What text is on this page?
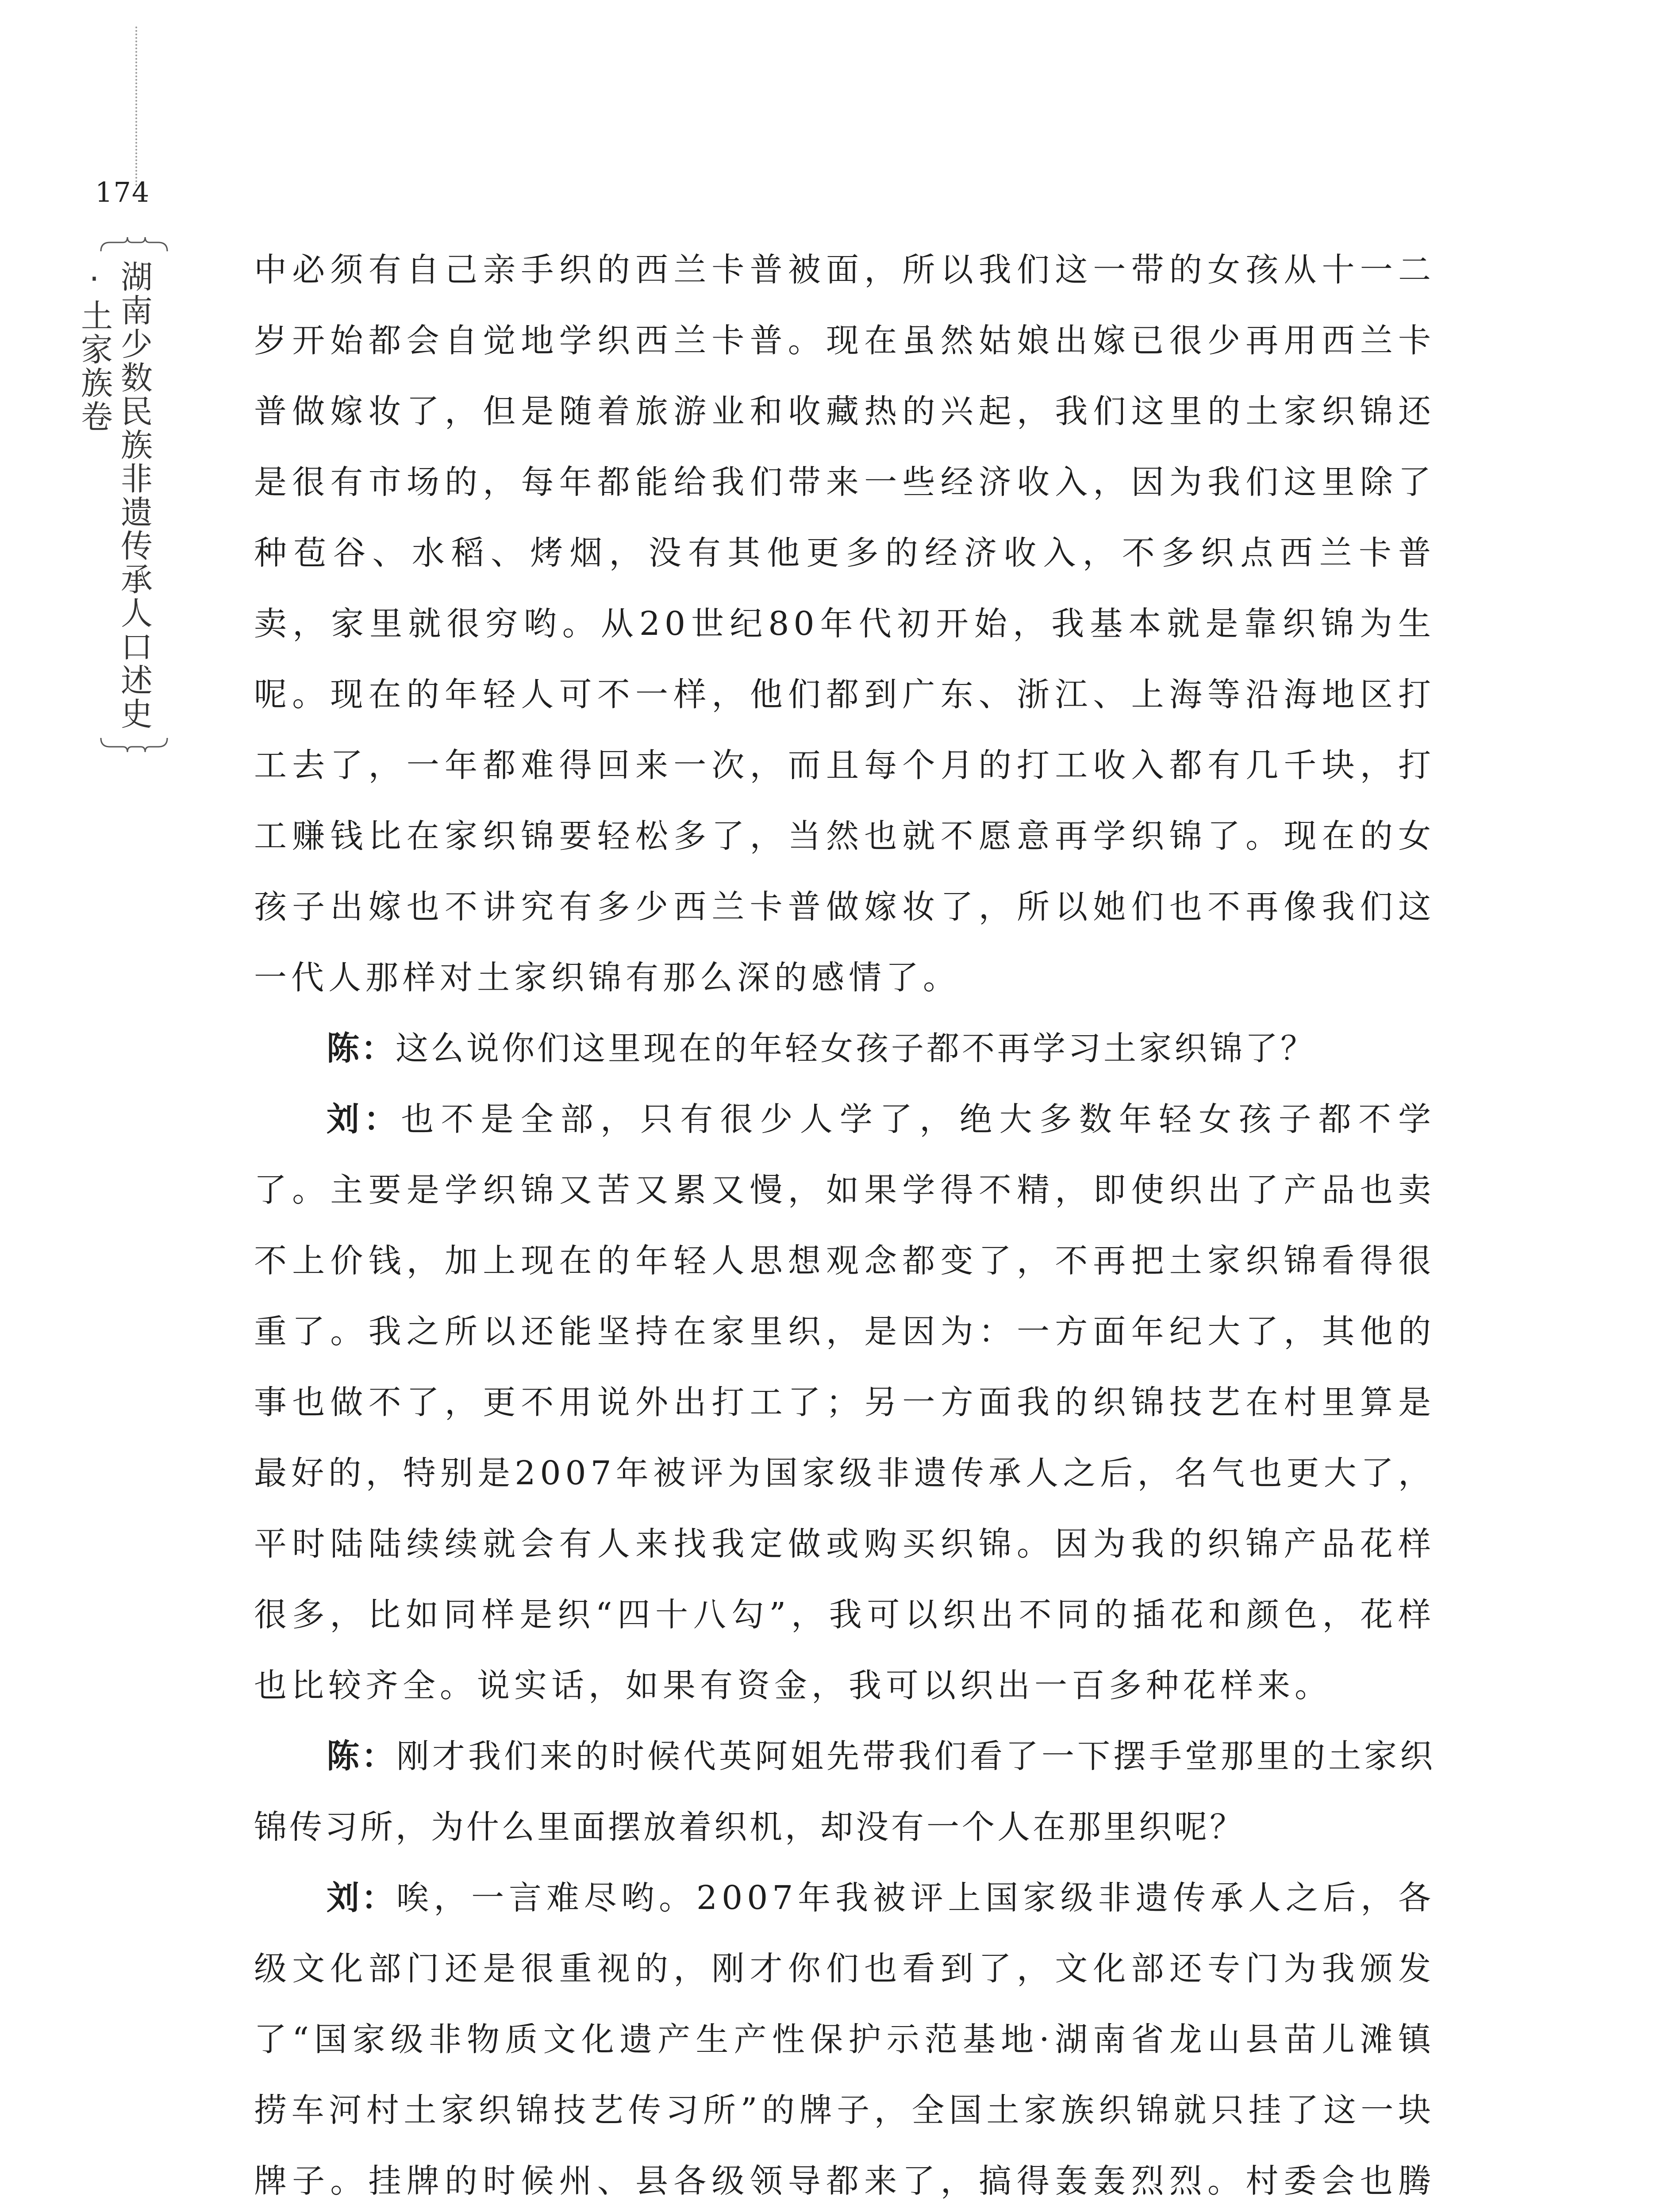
174
湖南少数民族非遗传承人口述史·土家族卷	中必须有自己亲手织的西兰卡普被面，所以我们这一带的女孩从十一二岁开始都会自觉地学织西兰卡普。现在虽然姑娘出嫁已很少再用西兰卡普做嫁妆了，但是随着旅游业和收藏热的兴起，我们这里的土家织锦还是很有市场的，每年都能给我们带来一些经济收入，因为我们这里除了种苞谷、水稻、烤烟，没有其他更多的经济收入，不多织点西兰卡普卖，家里就很穷哟。从20世纪80年代初开始，我基本就是靠织锦为生呢。现在的年轻人可不一样，他们都到广东、浙江、上海等沿海地区打工去了，一年都难得回来一次，而且每个月的打工收入都有几千块，打工赚钱比在家织锦要轻松多了，当然也就不愿意再学织锦了。现在的女孩子出嫁也不讲究有多少西兰卡普做嫁妆了，所以她们也不再像我们这一代人那样对土家织锦有那么深的感情了。

陈：这么说你们这里现在的年轻女孩子都不再学习土家织锦了？

刘：也不是全部，只有很少人学了，绝大多数年轻女孩子都不学了。主要是学织锦又苦又累又慢，如果学得不精，即使织出了产品也卖不上价钱，加上现在的年轻人思想观念都变了，不再把土家织锦看得很重了。我之所以还能坚持在家里织，是因为：一方面年纪大了，其他的事也做不了，更不用说外出打工了；另一方面我的织锦技艺在村里算是最好的，特别是2007年被评为国家级非遗传承人之后，名气也更大了，平时陆陆续续就会有人来找我定做或购买织锦。因为我的织锦产品花样很多，比如同样是织“四十八勾”，我可以织出不同的插花和颜色，花样也比较齐全。说实话，如果有资金，我可以织出一百多种花样来。

陈：刚才我们来的时候代英阿姐先带我们看了一下摆手堂那里的土家织锦传习所，为什么里面摆放着织机，却没有一个人在那里织呢？

刘：唉，一言难尽哟。2007年我被评上国家级非遗传承人之后，各级文化部门还是很重视的，刚才你们也看到了，文化部还专门为我颁发了“国家级非物质文化遗产生产性保护示范基地·湖南省龙山县苗儿滩镇捞车河村土家织锦技艺传习所”的牌子，全国土家族织锦就只挂了这一块牌子。挂牌的时候州、县各级领导都来了，搞得轰轰烈烈。村委会也腾
